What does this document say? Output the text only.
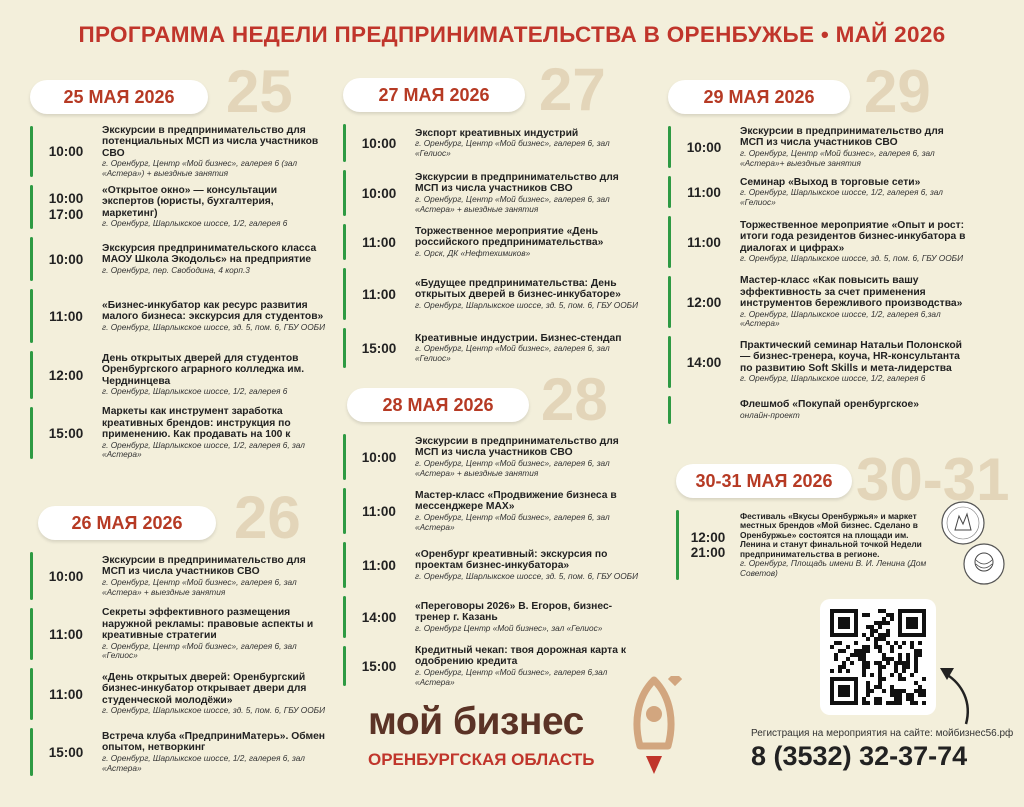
ПРОГРАММА НЕДЕЛИ ПРЕДПРИНИМАТЕЛЬСТВА В ОРЕНБУЖЬЕ • МАЙ 2026
25 МАЯ 2026 25
10:00
Экскурсии в предпринимательство для потенциальных МСП из числа участников СВО
г. Оренбург, Центр «Мой бизнес», галерея 6 (зал «Астера») + выездные занятия
10:00
17:00
«Открытое окно» — консультации экспертов (юристы, бухгалтерия, маркетинг)
г. Оренбург, Шарлыкское шоссе, 1/2, галерея 6
10:00
Экскурсия предпринимательского класса МАОУ Школа Экодольє» на предприятие
г. Оренбург, пер. Свободина, 4 корп.3
11:00
«Бизнес-инкубатор как ресурс развития малого бизнеса: экскурсия для студентов»
г. Оренбург, Шарлыкское шоссе, зд. 5, пом. 6, ГБУ ООБИ
12:00
День открытых дверей для студентов Оренбургского аграрного колледжа им. Черднинцева
г. Оренбург, Шарлыкское шоссе, 1/2, галерея 6
15:00
Маркеты как инструмент заработка креативных брендов: инструкция по применению. Как продавать на 100 к
г. Оренбург, Шарлыкское шоссе, 1/2, галерея 6, зал «Астера»
26 МАЯ 2026 26
10:00
Экскурсии в предпринимательство для МСП из числа участников СВО
г. Оренбург, Центр «Мой бизнес», галерея 6, зал «Астера» + выездные занятия
11:00
Секреты эффективного размещения наружной рекламы: правовые аспекты и креативные стратегии
г. Оренбург, Центр «Мой бизнес», галерея 6, зал «Гелиос»
11:00
«День открытых дверей: Оренбургский бизнес-инкубатор открывает двери для студенческой молодёжи»
г. Оренбург, Шарлыкское шоссе, зд. 5, пом. 6, ГБУ ООБИ
15:00
Встреча клуба «ПредприниМатерь». Обмен опытом, нетворкинг
г. Оренбург, Шарлыкское шоссе, 1/2, галерея 6, зал «Астера»
27 МАЯ 2026 27
10:00
Экспорт креативных индустрий
г. Оренбург, Центр «Мой бизнес», галерея 6, зал «Гелиос»
10:00
Экскурсии в предпринимательство для МСП из числа участников СВО
г. Оренбург, Центр «Мой бизнес», галерея 6, зал «Астера» + выездные занятия
11:00
Торжественное мероприятие «День российского предпринимательства»
г. Орск, ДК «Нефтехимиков»
11:00
«Будущее предпринимательства: День открытых дверей в бизнес-инкубаторе»
г. Оренбург, Шарлыкское шоссе, зд. 5, пом. 6, ГБУ ООБИ
15:00
Креативные индустрии. Бизнес-стендап
г. Оренбург, Центр «Мой бизнес», галерея 6, зал «Гелиос»
28 МАЯ 2026 28
10:00
Экскурсии в предпринимательство для МСП из числа участников СВО
г. Оренбург, Центр «Мой бизнес», галерея 6, зал «Астера» + выездные занятия
11:00
Мастер-класс «Продвижение бизнеса в мессенджере MAX»
г. Оренбург, Центр «Мой бизнес», галерея 6, зал «Астера»
11:00
«Оренбург креативный: экскурсия по проектам бизнес-инкубатора»
г. Оренбург, Шарлыкское шоссе, зд. 5, пом. 6, ГБУ ООБИ
14:00
«Переговоры 2026» В. Егоров, бизнес-тренер г. Казань
г. Оренбург Центр «Мой бизнес», зал «Гелиос»
15:00
Кредитный чекап: твоя дорожная карта к одобрению кредита
г. Оренбург, Центр «Мой бизнес», галерея 6,зал «Астера»
29 МАЯ 2026 29
10:00
Экскурсии в предпринимательство для МСП из числа участников СВО
г. Оренбург, Центр «Мой бизнес», галерея 6, зал «Астера»+ выездные занятия
11:00
Семинар «Выход в торговые сети»
г. Оренбург, Шарлыкское шоссе, 1/2, галерея 6, зал «Гелиос»
11:00
Торжественное мероприятие «Опыт и рост: итоги года резидентов бизнес-инкубатора в диалогах и цифрах»
г. Оренбург, Шарлыкское шоссе, зд. 5, пом. 6, ГБУ ООБИ
12:00
Мастер-класс «Как повысить вашу эффективность за счет применения инструментов бережливого производства»
г. Оренбург, Шарлыкское шоссе, 1/2, галерея 6,зал «Астера»
14:00
Практический семинар Натальи Полонской — бизнес-тренера, коуча, HR-консультанта по развитию Soft Skills и мета-лидерства
г. Оренбург, Шарлыкское шоссе, 1/2, галерея 6
Флешмоб «Покупай оренбургское»
онлайн-проект
30-31 МАЯ 2026 30-31
12:00
21:00
Фестиваль «Вкусы Оренбуржья» и маркет местных брендов «Мой бизнес. Сделано в Оренбуржье» состоятся на площади им. Ленина и станут финальной точкой Недели предпринимательства в регионе.
г. Оренбург, Площадь имени В. И. Ленина (Дом Советов)
мой бизнес
ОРЕНБУРГСКАЯ ОБЛАСТЬ
Регистрация на мероприятия на сайте: мойбизнес56.рф
8 (3532) 32-37-74
